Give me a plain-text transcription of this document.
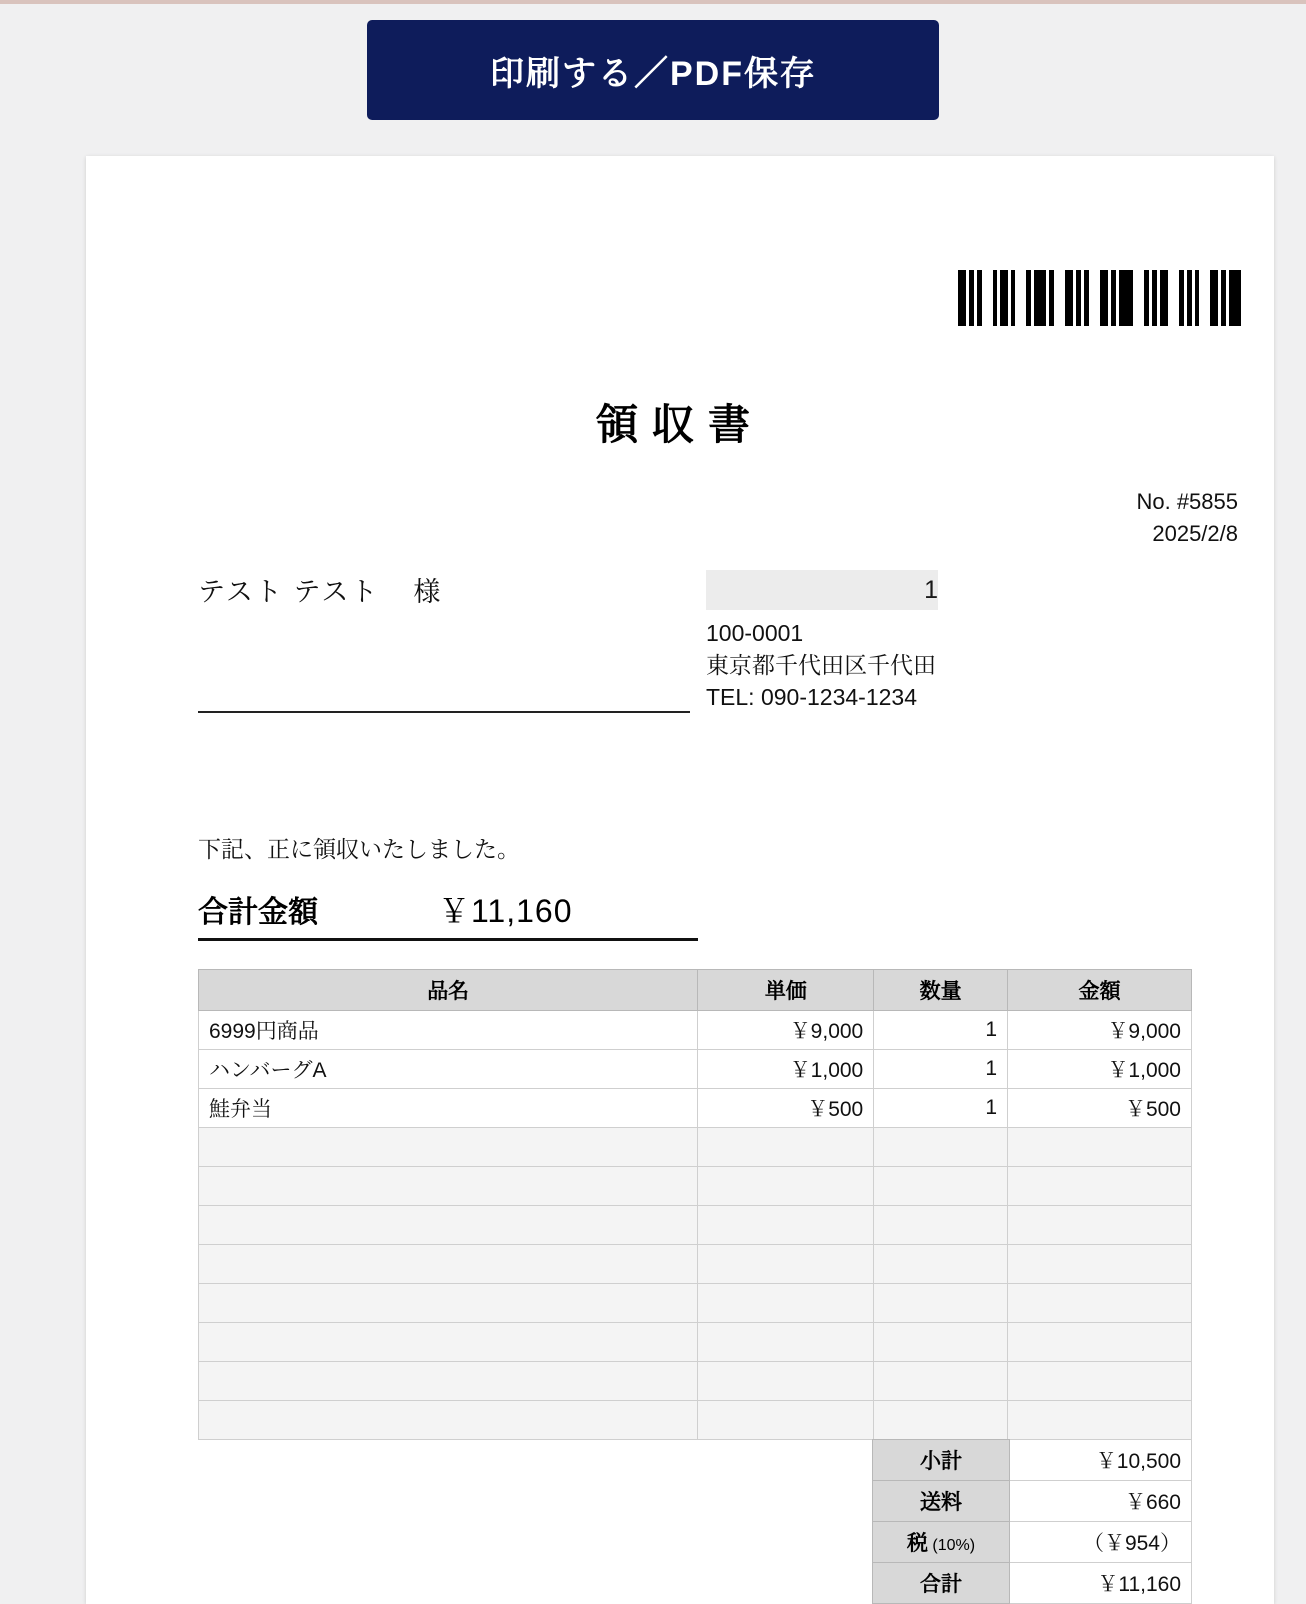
印刷する／PDF保存
領収書
No. #5855
2025/2/8
テスト テスト 様	1
100-0001
東京都千代田区千代田
TEL: 090-1234-1234
下記、正に領収いたしました。
合計金額	￥11,160
品名	単価	数量	金額
6999円商品	￥9,000	1	￥9,000
ハンバーグA	￥1,000	1	￥1,000
鮭弁当	￥500	1	￥500

小計	￥10,500
送料	￥660
税 (10%)	（￥954）
合計	￥11,160
